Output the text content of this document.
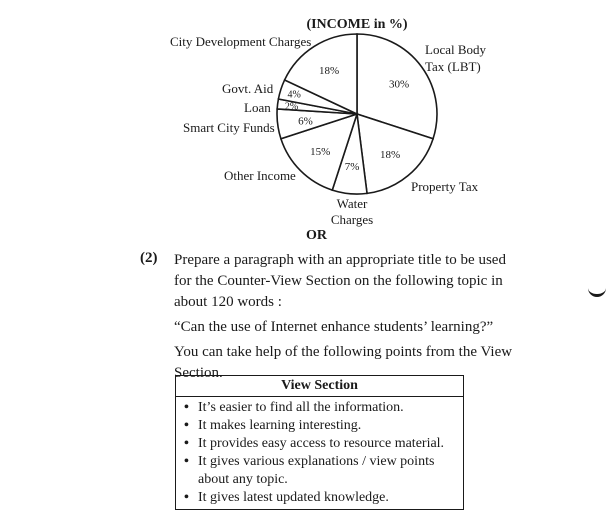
(INCOME in %)
30%
18%
7%
15%
6%
2%
4%
18%
City Development Charges
Local Body
Tax (LBT)
Govt. Aid
Loan
Smart City Funds
Other Income
Property Tax
Water
Charges
OR
(2) Prepare a paragraph with an appropriate title to be used for the Counter-View Section on the following topic in about 120 words :

“Can the use of Internet enhance students’ learning?”

You can take help of the following points from the View Section.

View Section
• It’s easier to find all the information.
• It makes learning interesting.
• It provides easy access to resource material.
• It gives various explanations / view points about any topic.
• It gives latest updated knowledge.
